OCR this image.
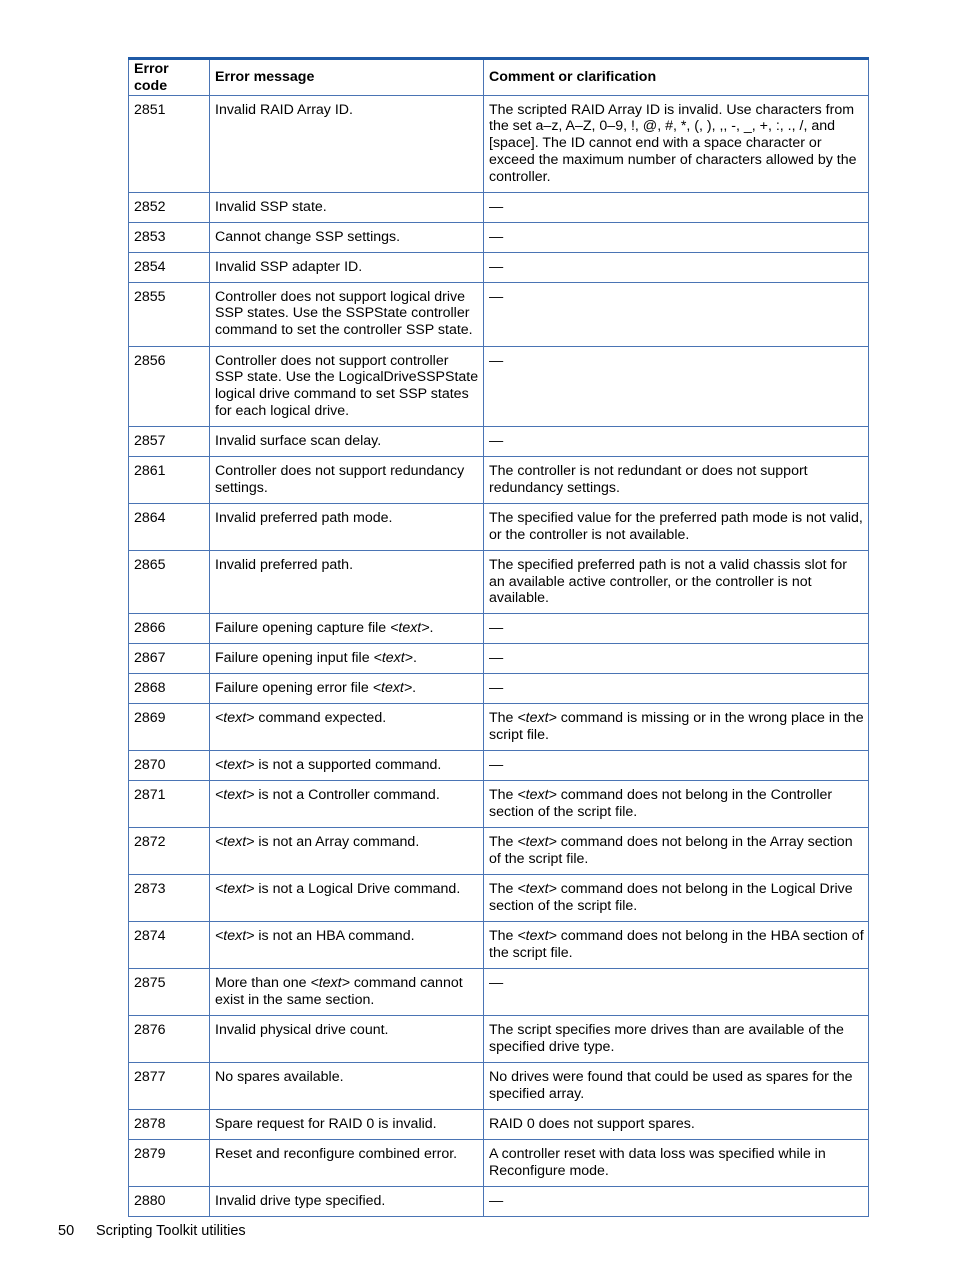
Error code	Error message	Comment or clarification
2851	Invalid RAID Array ID.	The scripted RAID Array ID is invalid. Use characters from the set a–z, A–Z, 0–9, !, @, #, *, (, ), ,, -, _, +, :, ., /, and [space]. The ID cannot end with a space character or exceed the maximum number of characters allowed by the controller.
2852	Invalid SSP state.	—
2853	Cannot change SSP settings.	—
2854	Invalid SSP adapter ID.	—
2855	Controller does not support logical drive SSP states. Use the SSPState controller command to set the controller SSP state.	—
2856	Controller does not support controller SSP state. Use the LogicalDriveSSPState logical drive command to set SSP states for each logical drive.	—
2857	Invalid surface scan delay.	—
2861	Controller does not support redundancy settings.	The controller is not redundant or does not support redundancy settings.
2864	Invalid preferred path mode.	The specified value for the preferred path mode is not valid, or the controller is not available.
2865	Invalid preferred path.	The specified preferred path is not a valid chassis slot for an available active controller, or the controller is not available.
2866	Failure opening capture file <text>.	—
2867	Failure opening input file <text>.	—
2868	Failure opening error file <text>.	—
2869	<text> command expected.	The <text> command is missing or in the wrong place in the script file.
2870	<text> is not a supported command.	—
2871	<text> is not a Controller command.	The <text> command does not belong in the Controller section of the script file.
2872	<text> is not an Array command.	The <text> command does not belong in the Array section of the script file.
2873	<text> is not a Logical Drive command.	The <text> command does not belong in the Logical Drive section of the script file.
2874	<text> is not an HBA command.	The <text> command does not belong in the HBA section of the script file.
2875	More than one <text> command cannot exist in the same section.	—
2876	Invalid physical drive count.	The script specifies more drives than are available of the specified drive type.
2877	No spares available.	No drives were found that could be used as spares for the specified array.
2878	Spare request for RAID 0 is invalid.	RAID 0 does not support spares.
2879	Reset and reconfigure combined error.	A controller reset with data loss was specified while in Reconfigure mode.
2880	Invalid drive type specified.	—
50 Scripting Toolkit utilities
